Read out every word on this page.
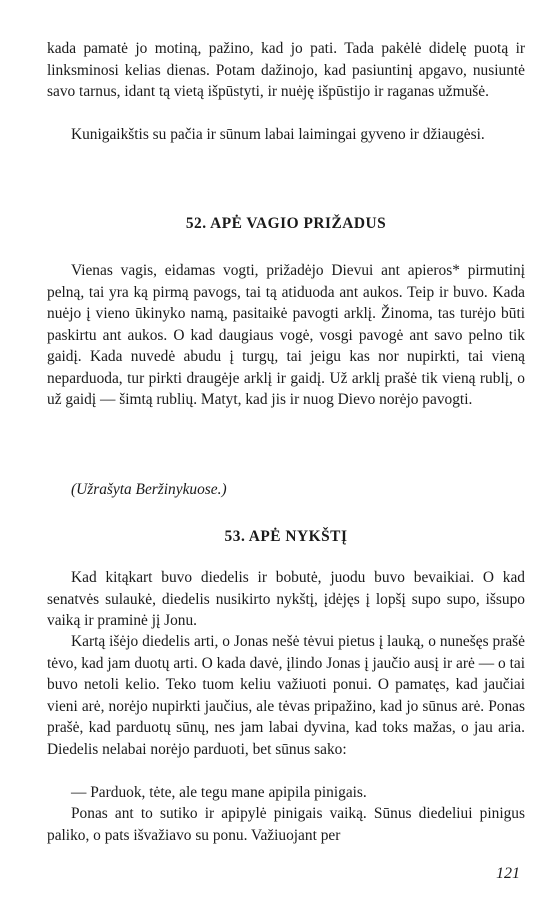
kada pamatė jo motiną, pažino, kad jo pati. Tada pakėlė didelę puotą ir linksminosi kelias dienas. Potam dažinojo, kad pasiuntinį apgavo, nusiuntė savo tarnus, idant tą vietą išpūstyti, ir nuėję išpūstijo ir raganas užmušė.

Kunigaikštis su pačia ir sūnum labai laimingai gyveno ir džiaugėsi.

52. APĖ VAGIO PRIŽADUS

Vienas vagis, eidamas vogti, prižadėjo Dievui ant apieros* pirmutinį pelną, tai yra ką pirmą pavogs, tai tą atiduoda ant aukos. Teip ir buvo. Kada nuėjo į vieno ūkinyko namą, pasitaikė pavogti arklį. Žinoma, tas turėjo būti paskirtu ant aukos. O kad daugiaus vogė, vosgi pavogė ant savo pelno tik gaidį. Kada nuvedė abudu į turgų, tai jeigu kas nor nupirkti, tai vieną neparduoda, tur pirkti draugėje arklį ir gaidį. Už arklį prašė tik vieną rublį, o už gaidį — šimtą rublių. Matyt, kad jis ir nuog Dievo norėjo pavogti.

(Užrašyta Beržinykuose.)

53. APĖ NYKŠTĮ

Kad kitąkart buvo diedelis ir bobutė, juodu buvo bevaikiai. O kad senatvės sulaukė, diedelis nusikirto nykštį, įdėjęs į lopšį supo supo, išsupo vaiką ir praminė jį Jonu.

Kartą išėjo diedelis arti, o Jonas nešė tėvui pietus į lauką, o nunešęs prašė tėvo, kad jam duotų arti. O kada davė, įlindo Jonas į jaučio ausį ir arė — o tai buvo netoli kelio. Teko tuom keliu važiuoti ponui. O pamatęs, kad jaučiai vieni arė, norėjo nupirkti jaučius, ale tėvas pripažino, kad jo sūnus arė. Ponas prašė, kad parduotų sūnų, nes jam labai dyvina, kad toks mažas, o jau aria. Diedelis nelabai norėjo parduoti, bet sūnus sako:

— Parduok, tėte, ale tegu mane apipila pinigais.

Ponas ant to sutiko ir apipylė pinigais vaiką. Sūnus diedeliui pinigus paliko, o pats išvažiavo su ponu. Važiuojant per

121
